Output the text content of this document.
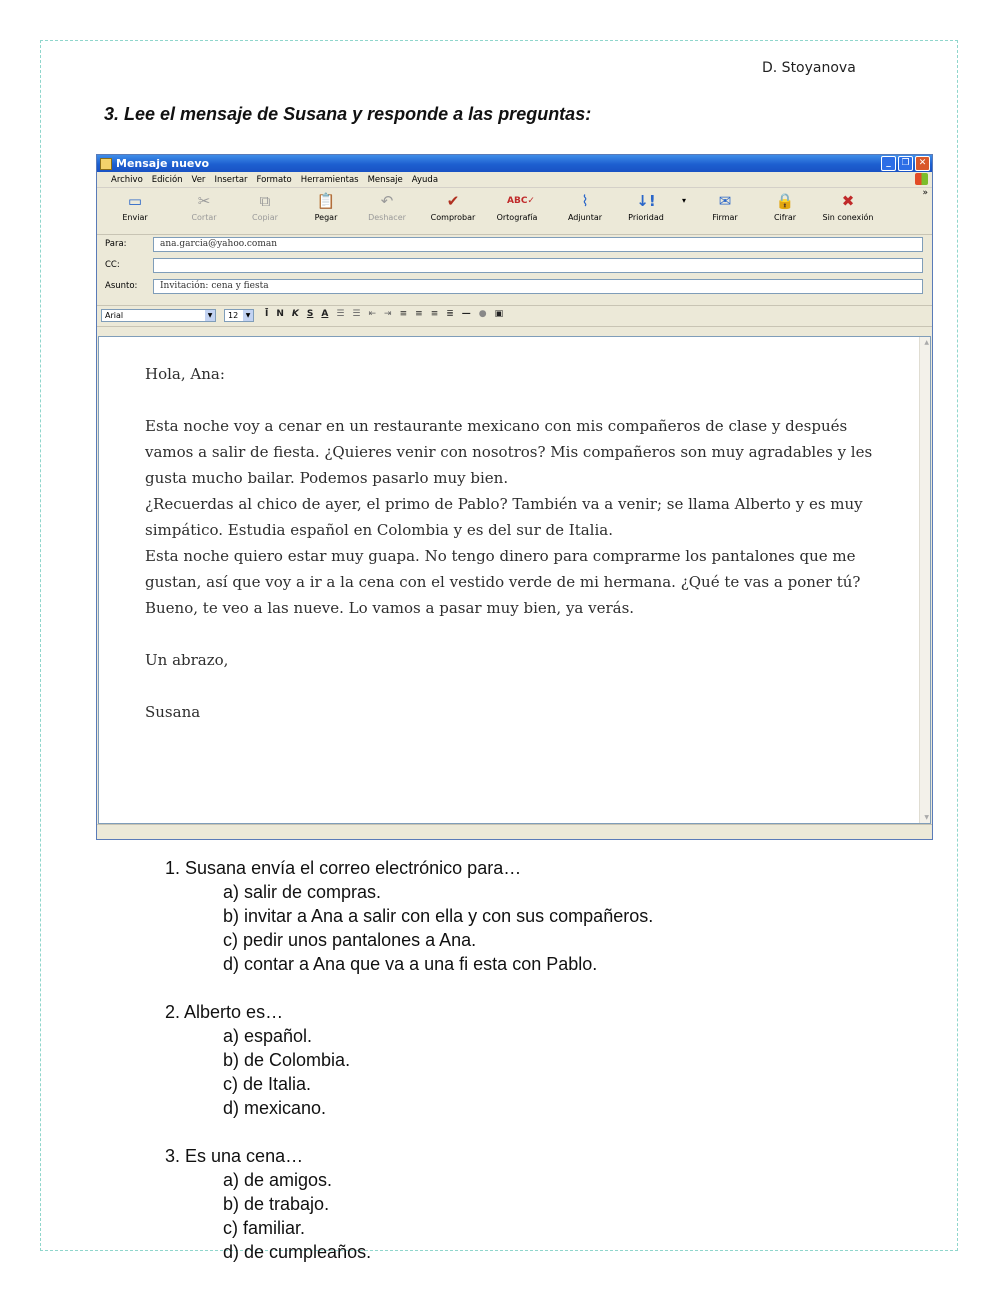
D. Stoyanova
3. Lee el mensaje de Susana y responde a las preguntas:
Mensaje nuevo	_	❐	✕
Archivo Edición Ver Insertar Formato Herramientas Mensaje Ayuda
▭
Enviar
✂
Cortar
⧉
Copiar
📋
Pegar
↶
Deshacer
✔
Comprobar
ABC✓
Ortografía
⌇
Adjuntar
↓!
Prioridad
▾	✉
Firmar
🔒
Cifrar
✖
Sin conexión
»
Para:	ana.garcia@yahoo.coman
CC:
Asunto:	Invitación: cena y fiesta
Arial	▼	12	▼ Ī N K S A ☰ ☰ ⇤ ⇥ ≡ ≡ ≡ ≣ — ● ▣

Hola, Ana:

Esta noche voy a cenar en un restaurante mexicano con mis compañeros de clase y después vamos a salir de fiesta. ¿Quieres venir con nosotros? Mis compañeros son muy agradables y les gusta mucho bailar. Podemos pasarlo muy bien.

¿Recuerdas al chico de ayer, el primo de Pablo? También va a venir; se llama Alberto y es muy simpático. Estudia español en Colombia y es del sur de Italia.

Esta noche quiero estar muy guapa. No tengo dinero para comprarme los pantalones que me gustan, así que voy a ir a la cena con el vestido verde de mi hermana. ¿Qué te vas a poner tú?

Bueno, te veo a las nueve. Lo vamos a pasar muy bien, ya verás.

Un abrazo,

Susana

▲
▼
1. Susana envía el correo electrónico para…
a) salir de compras.
b) invitar a Ana a salir con ella y con sus compañeros.
c) pedir unos pantalones a Ana.
d) contar a Ana que va a una fi esta con Pablo.
2. Alberto es…
a) español.
b) de Colombia.
c) de Italia.
d) mexicano.
3. Es una cena…
a) de amigos.
b) de trabajo.
c) familiar.
d) de cumpleaños.
